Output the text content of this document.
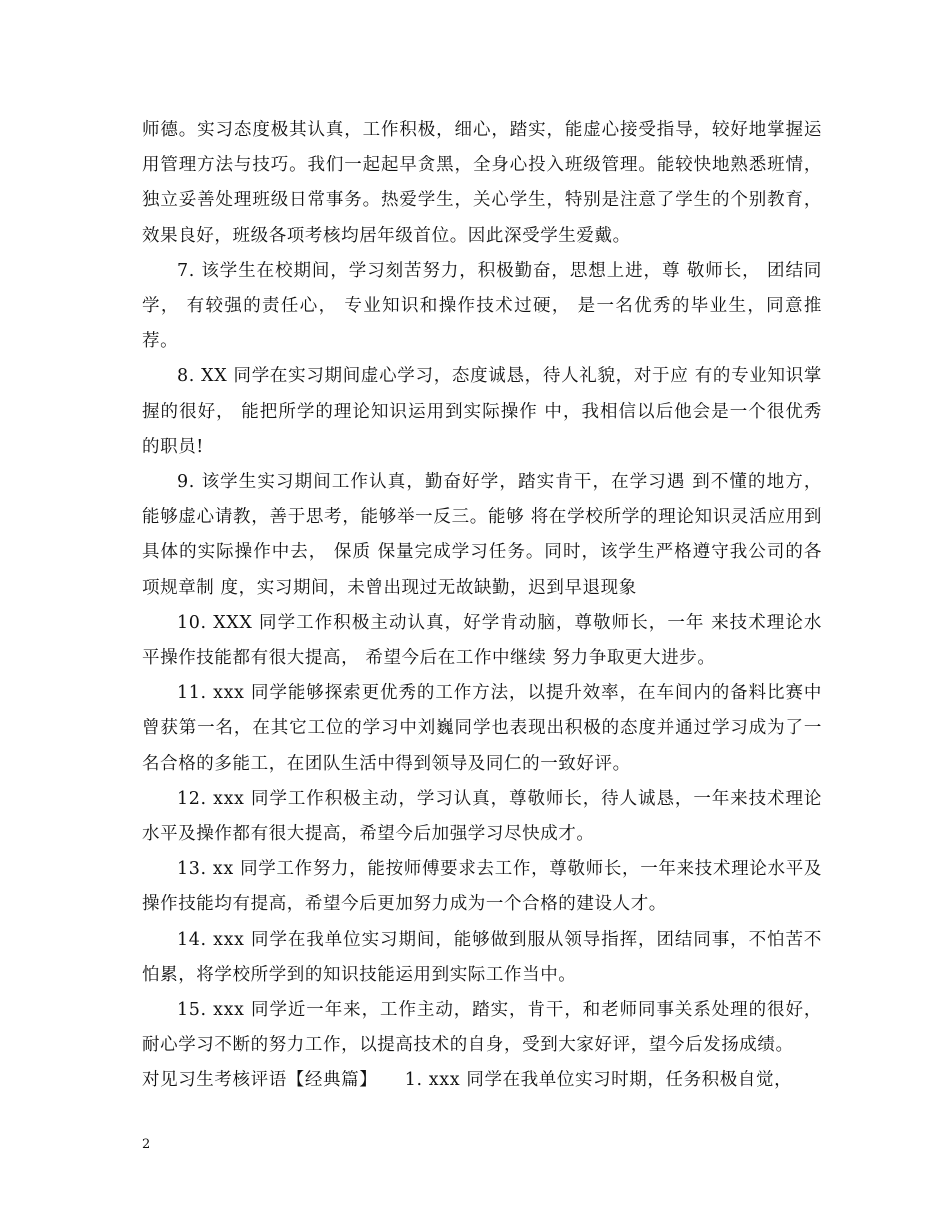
师德。实习态度极其认真，工作积极，细心，踏实，能虚心接受指导，较好地掌握运用管理方法与技巧。我们一起起早贪黑，全身心投入班级管理。能较快地熟悉班情，独立妥善处理班级日常事务。热爱学生，关心学生，特别是注意了学生的个别教育，效果良好，班级各项考核均居年级首位。因此深受学生爱戴。

7. 该学生在校期间，学习刻苦努力，积极勤奋，思想上进，尊 敬师长， 团结同学， 有较强的责任心， 专业知识和操作技术过硬， 是一名优秀的毕业生，同意推荐。

8. XX 同学在实习期间虚心学习，态度诚恳，待人礼貌，对于应 有的专业知识掌握的很好， 能把所学的理论知识运用到实际操作 中，我相信以后他会是一个很优秀的职员!

9. 该学生实习期间工作认真，勤奋好学，踏实肯干，在学习遇 到不懂的地方，能够虚心请教，善于思考，能够举一反三。能够 将在学校所学的理论知识灵活应用到具体的实际操作中去， 保质 保量完成学习任务。同时，该学生严格遵守我公司的各项规章制 度，实习期间，未曾出现过无故缺勤，迟到早退现象

10. XXX 同学工作积极主动认真，好学肯动脑，尊敬师长，一年 来技术理论水平操作技能都有很大提高， 希望今后在工作中继续 努力争取更大进步。

11. xxx 同学能够探索更优秀的工作方法，以提升效率，在车间内的备料比赛中曾获第一名，在其它工位的学习中刘巍同学也表现出积极的态度并通过学习成为了一名合格的多能工，在团队生活中得到领导及同仁的一致好评。

12. xxx 同学工作积极主动，学习认真，尊敬师长，待人诚恳，一年来技术理论水平及操作都有很大提高，希望今后加强学习尽快成才。

13. xx 同学工作努力，能按师傅要求去工作，尊敬师长，一年来技术理论水平及操作技能均有提高，希望今后更加努力成为一个合格的建设人才。

14. xxx 同学在我单位实习期间，能够做到服从领导指挥，团结同事，不怕苦不怕累，将学校所学到的知识技能运用到实际工作当中。

15. xxx 同学近一年来，工作主动，踏实，肯干，和老师同事关系处理的很好，耐心学习不断的努力工作，以提高技术的自身，受到大家好评，望今后发扬成绩。

对见习生考核评语【经典篇】　　1. xxx 同学在我单位实习时期，任务积极自觉，

2
